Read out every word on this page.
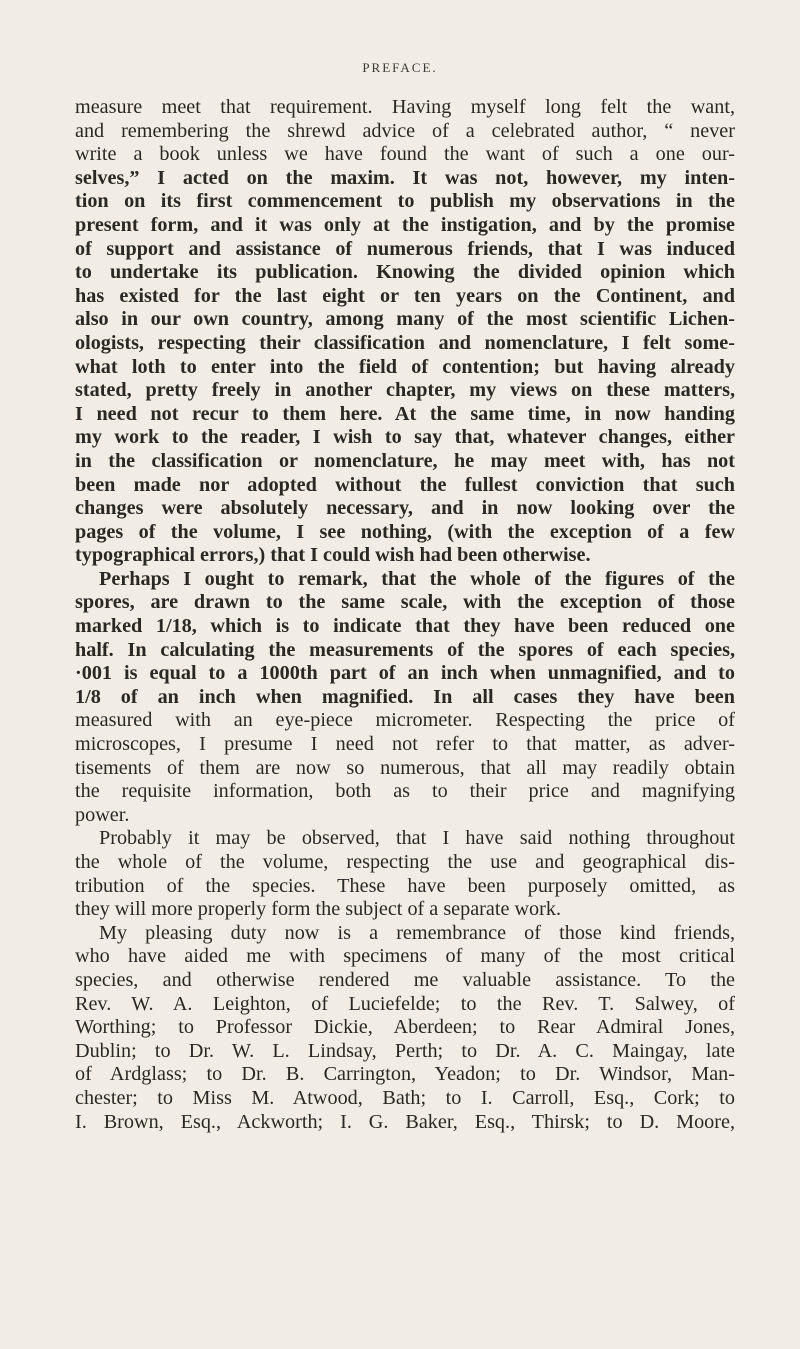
PREFACE.
measure meet that requirement. Having myself long felt the want,
and remembering the shrewd advice of a celebrated author, “ never
write a book unless we have found the want of such a one our-
selves,” I acted on the maxim. It was not, however, my inten-
tion on its first commencement to publish my observations in the
present form, and it was only at the instigation, and by the promise
of support and assistance of numerous friends, that I was induced
to undertake its publication. Knowing the divided opinion which
has existed for the last eight or ten years on the Continent, and
also in our own country, among many of the most scientific Lichen-
ologists, respecting their classification and nomenclature, I felt some-
what loth to enter into the field of contention; but having already
stated, pretty freely in another chapter, my views on these matters,
I need not recur to them here. At the same time, in now handing
my work to the reader, I wish to say that, whatever changes, either
in the classification or nomenclature, he may meet with, has not
been made nor adopted without the fullest conviction that such
changes were absolutely necessary, and in now looking over the
pages of the volume, I see nothing, (with the exception of a few
typographical errors,) that I could wish had been otherwise.
Perhaps I ought to remark, that the whole of the figures of the
spores, are drawn to the same scale, with the exception of those
marked 1/18, which is to indicate that they have been reduced one
half. In calculating the measurements of the spores of each species,
·001 is equal to a 1000th part of an inch when unmagnified, and to
1/8 of an inch when magnified. In all cases they have been
measured with an eye-piece micrometer. Respecting the price of
microscopes, I presume I need not refer to that matter, as adver-
tisements of them are now so numerous, that all may readily obtain
the requisite information, both as to their price and magnifying
power.
Probably it may be observed, that I have said nothing throughout
the whole of the volume, respecting the use and geographical dis-
tribution of the species. These have been purposely omitted, as
they will more properly form the subject of a separate work.
My pleasing duty now is a remembrance of those kind friends,
who have aided me with specimens of many of the most critical
species, and otherwise rendered me valuable assistance. To the
Rev. W. A. Leighton, of Luciefelde; to the Rev. T. Salwey, of
Worthing; to Professor Dickie, Aberdeen; to Rear Admiral Jones,
Dublin; to Dr. W. L. Lindsay, Perth; to Dr. A. C. Maingay, late
of Ardglass; to Dr. B. Carrington, Yeadon; to Dr. Windsor, Man-
chester; to Miss M. Atwood, Bath; to I. Carroll, Esq., Cork; to
I. Brown, Esq., Ackworth; I. G. Baker, Esq., Thirsk; to D. Moore,
